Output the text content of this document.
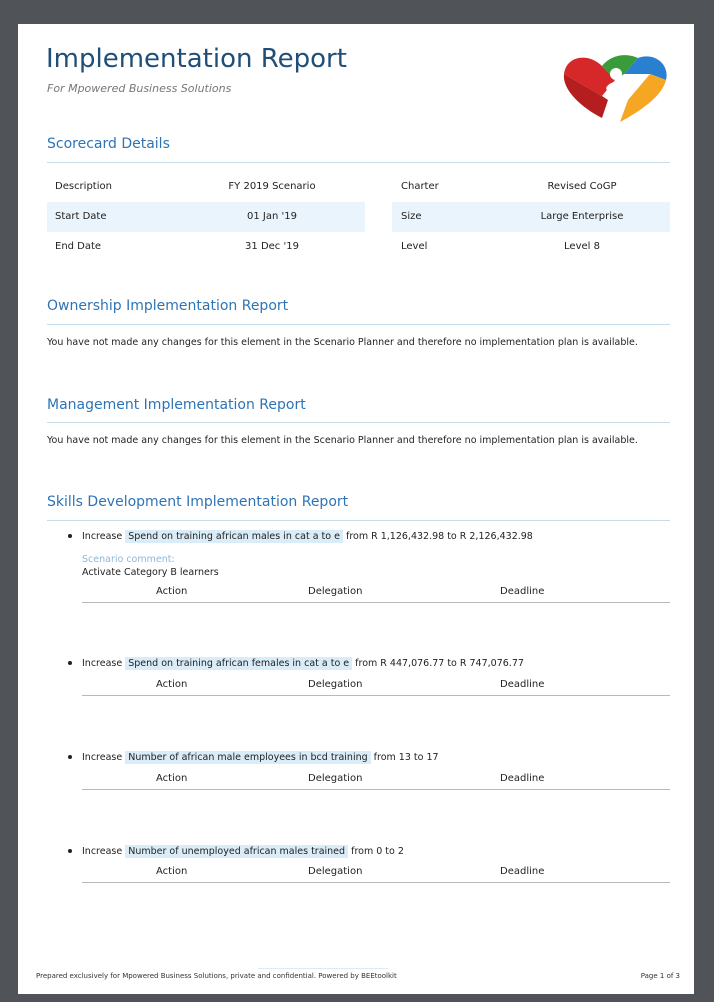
Implementation Report
For Mpowered Business Solutions
Scorecard Details
Description	FY 2019 Scenario	Charter	Revised CoGP
Start Date	01 Jan '19	Size	Large Enterprise
End Date	31 Dec '19	Level	Level 8
Ownership Implementation Report
You have not made any changes for this element in the Scenario Planner and therefore no implementation plan is available.
Management Implementation Report
You have not made any changes for this element in the Scenario Planner and therefore no implementation plan is available.
Skills Development Implementation Report
Increase Spend on training african males in cat a to e from R 1,126,432.98 to R 2,126,432.98
Scenario comment:
Activate Category B learners
Action	Delegation	Deadline
Increase Spend on training african females in cat a to e from R 447,076.77 to R 747,076.77
Action	Delegation	Deadline
Increase Number of african male employees in bcd training from 13 to 17
Action	Delegation	Deadline
Increase Number of unemployed african males trained from 0 to 2
Action	Delegation	Deadline
Prepared exclusively for Mpowered Business Solutions, private and confidential. Powered by BEEtoolkit	Page 1 of 3
